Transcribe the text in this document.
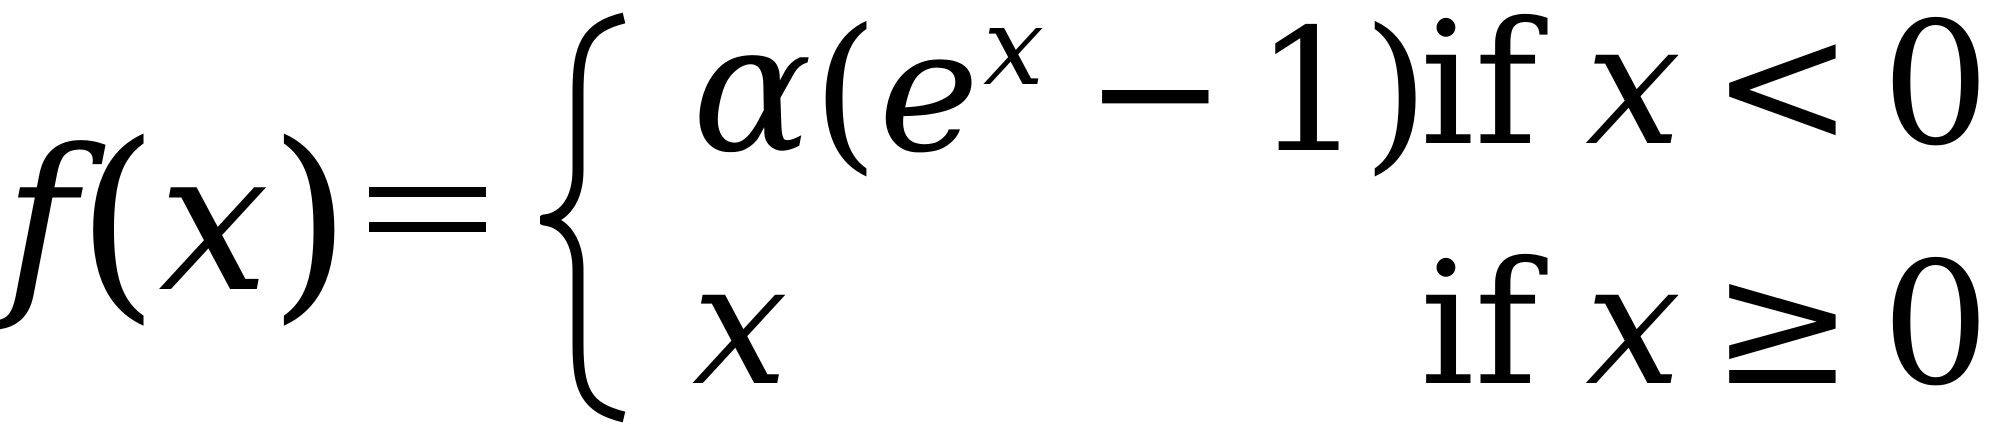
f(x)
$\alpha(e^x - 1)$
if x < 0
x	if x ≥ 0
